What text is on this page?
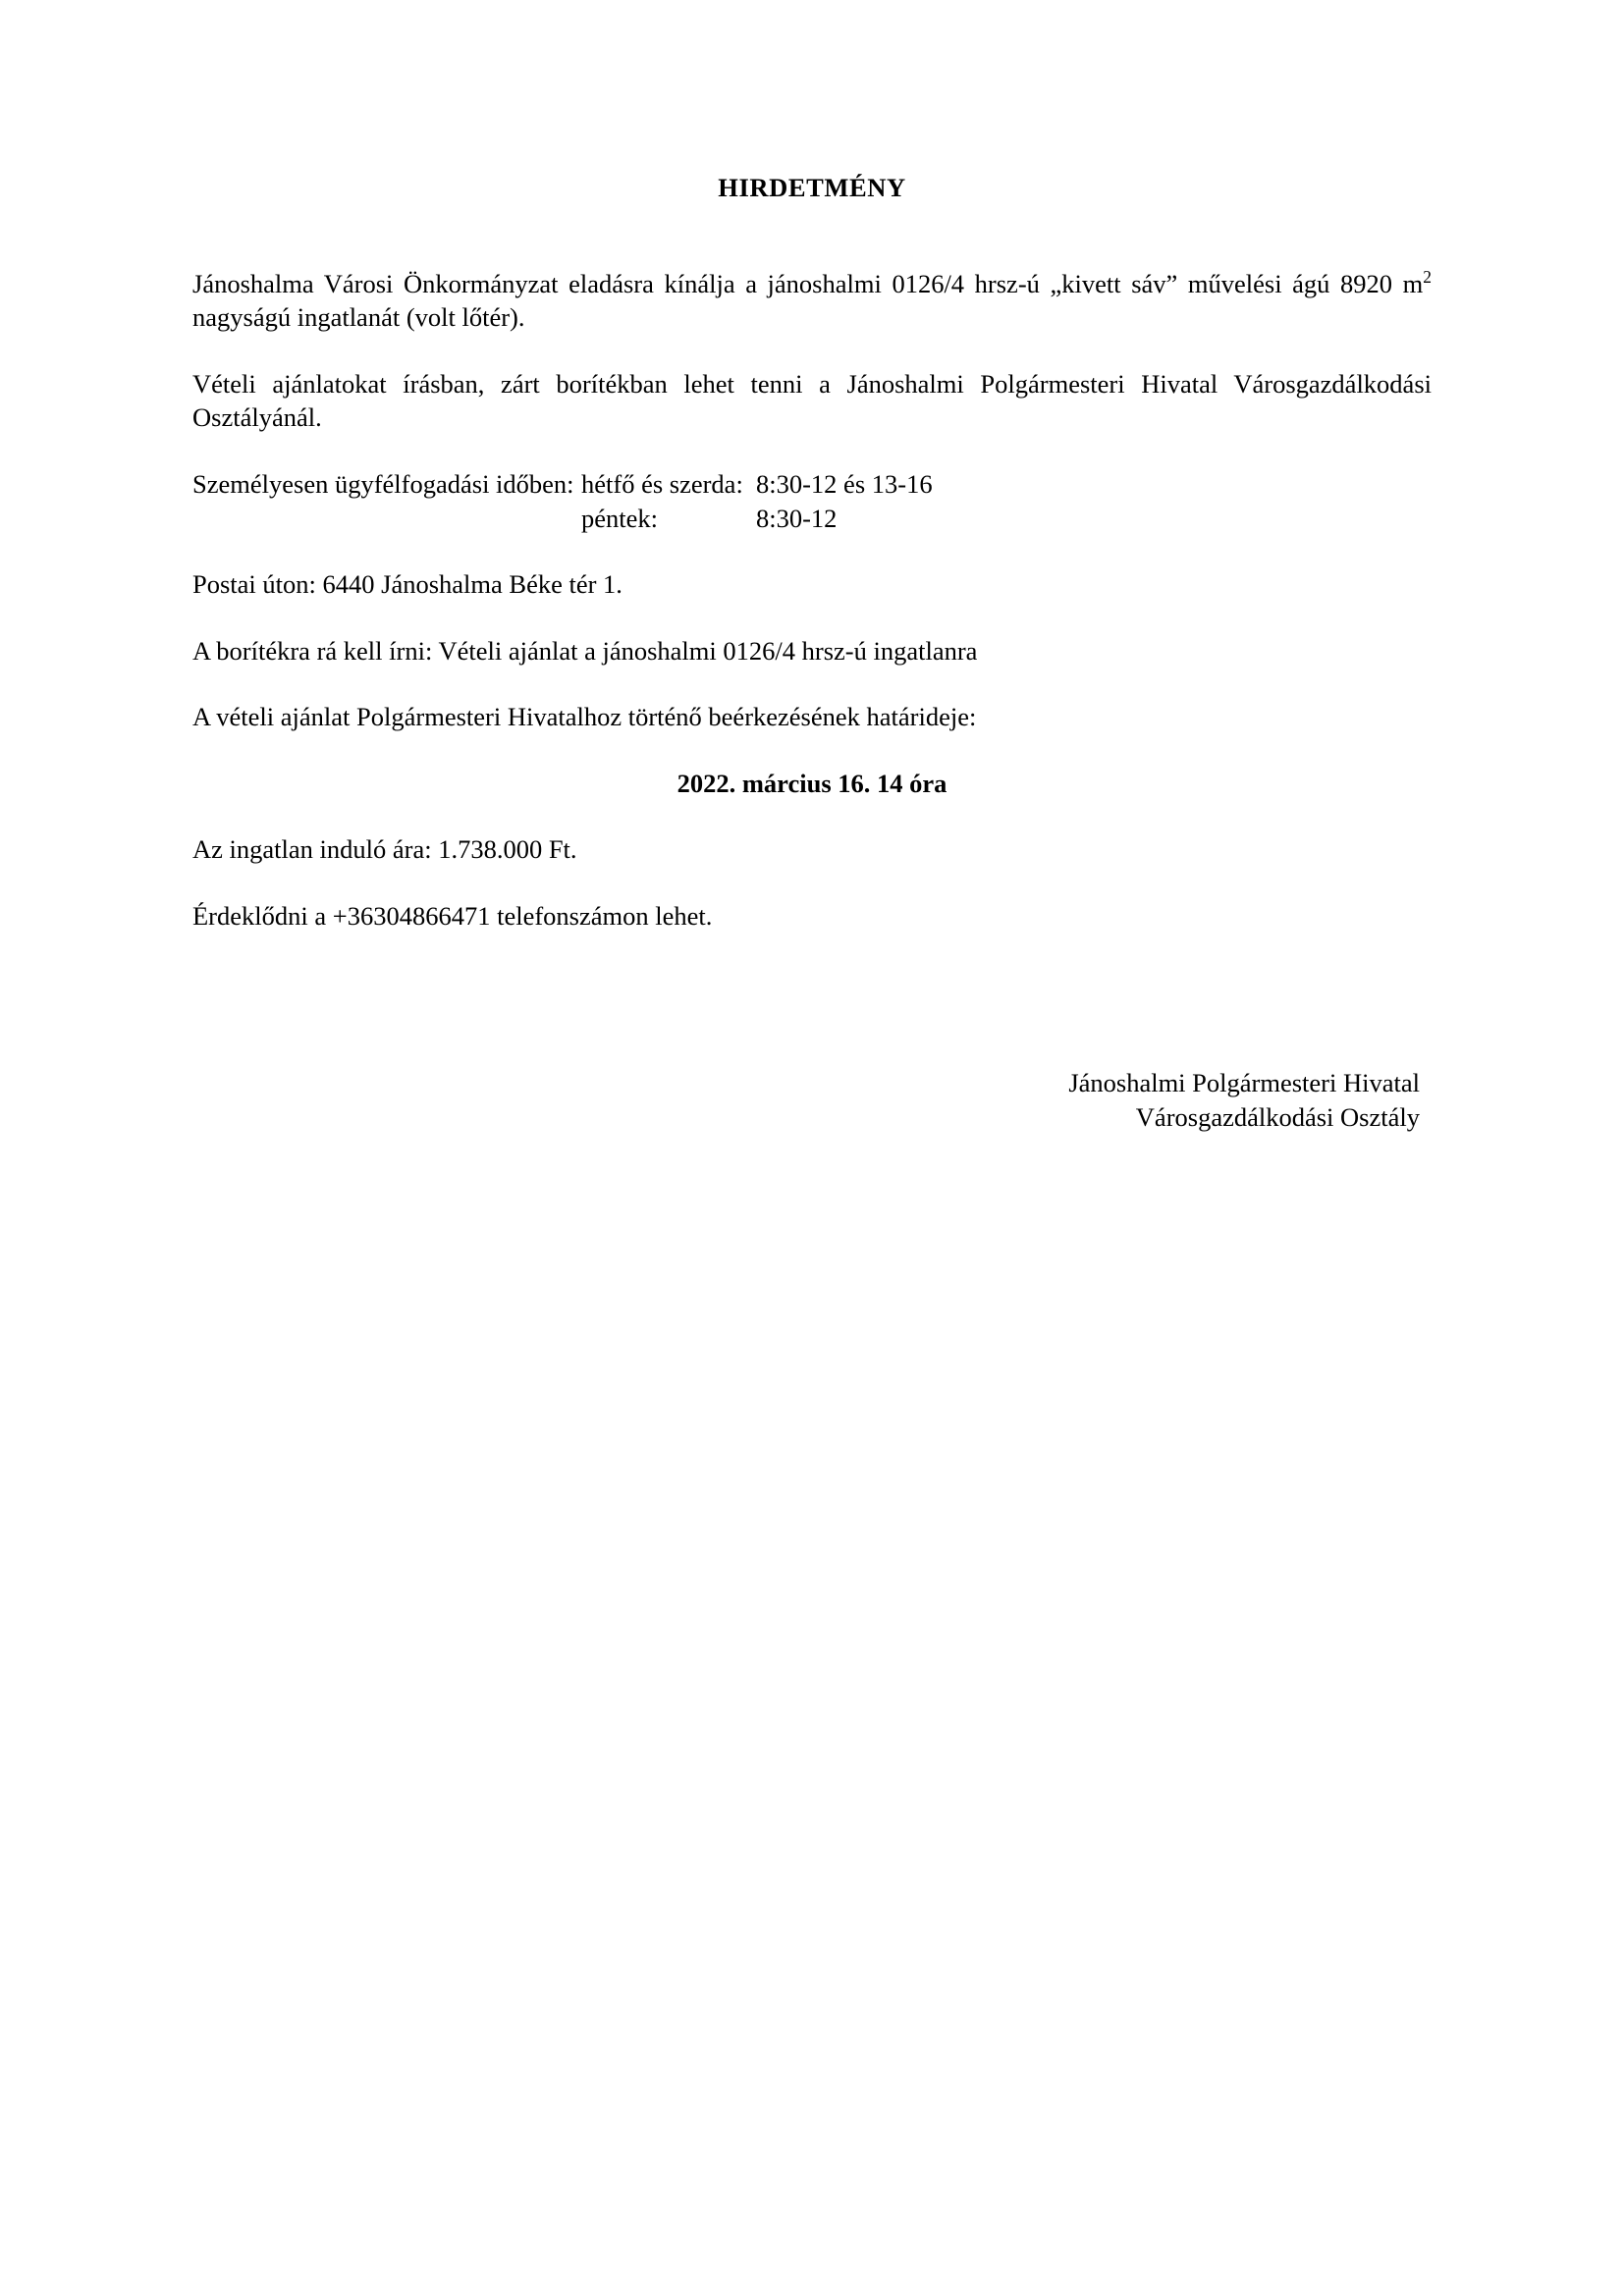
HIRDETMÉNY

Jánoshalma Városi Önkormányzat eladásra kínálja a jánoshalmi 0126/4 hrsz-ú „kivett sáv” művelési ágú 8920 $m^2$ nagyságú ingatlanát (volt lőtér).

Vételi ajánlatokat írásban, zárt borítékban lehet tenni a Jánoshalmi Polgármesteri Hivatal Városgazdálkodási Osztályánál.

Személyesen ügyfélfogadási időben: hétfő és szerda: 8:30-12 és 13-16
péntek:	8:30-12

Postai úton: 6440 Jánoshalma Béke tér 1.

A borítékra rá kell írni: Vételi ajánlat a jánoshalmi 0126/4 hrsz-ú ingatlanra

A vételi ajánlat Polgármesteri Hivatalhoz történő beérkezésének határideje:

2022. március 16. 14 óra

Az ingatlan induló ára: 1.738.000 Ft.

Érdeklődni a +36304866471 telefonszámon lehet.

Jánoshalmi Polgármesteri Hivatal
Városgazdálkodási Osztály
